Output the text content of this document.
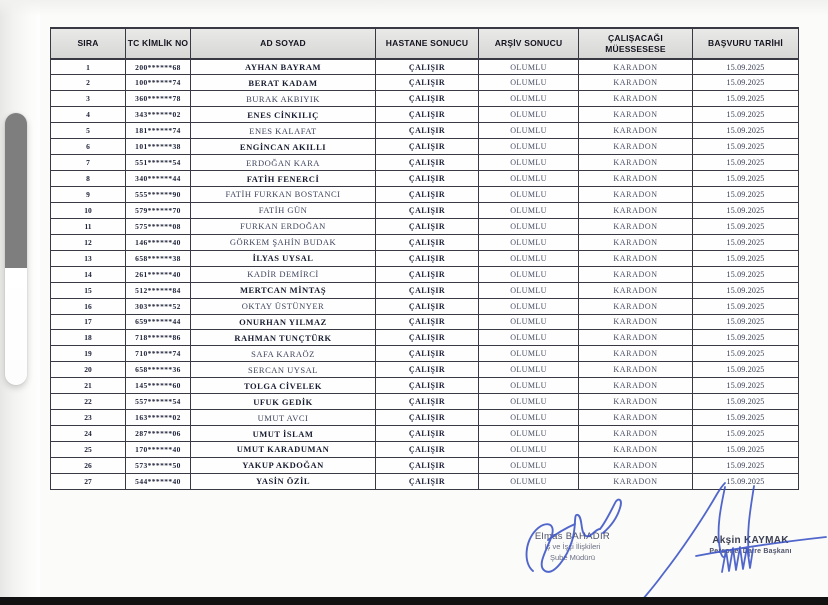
SIRA	TC KİMLİK NO	AD SOYAD	HASTANE SONUCU	ARŞİV SONUCU	ÇALIŞACAĞI MÜESSESESE	BAŞVURU TARİHİ
1	200******68	AYHAN BAYRAM	ÇALIŞIR	OLUMLU	KARADON	15.09.2025
2	100******74	BERAT KADAM	ÇALIŞIR	OLUMLU	KARADON	15.09.2025
3	360******78	BURAK AKBIYIK	ÇALIŞIR	OLUMLU	KARADON	15.09.2025
4	343******02	ENES CİNKILIÇ	ÇALIŞIR	OLUMLU	KARADON	15.09.2025
5	181******74	ENES KALAFAT	ÇALIŞIR	OLUMLU	KARADON	15.09.2025
6	101******38	ENGİNCAN AKILLI	ÇALIŞIR	OLUMLU	KARADON	15.09.2025
7	551******54	ERDOĞAN KARA	ÇALIŞIR	OLUMLU	KARADON	15.09.2025
8	340******44	FATİH FENERCİ	ÇALIŞIR	OLUMLU	KARADON	15.09.2025
9	555******90	FATİH FURKAN BOSTANCI	ÇALIŞIR	OLUMLU	KARADON	15.09.2025
10	579******70	FATİH GÜN	ÇALIŞIR	OLUMLU	KARADON	15.09.2025
11	575******08	FURKAN ERDOĞAN	ÇALIŞIR	OLUMLU	KARADON	15.09.2025
12	146******40	GÖRKEM ŞAHİN BUDAK	ÇALIŞIR	OLUMLU	KARADON	15.09.2025
13	658******38	İLYAS UYSAL	ÇALIŞIR	OLUMLU	KARADON	15.09.2025
14	261******40	KADİR DEMİRCİ	ÇALIŞIR	OLUMLU	KARADON	15.09.2025
15	512******84	MERTCAN MİNTAŞ	ÇALIŞIR	OLUMLU	KARADON	15.09.2025
16	303******52	OKTAY ÜSTÜNYER	ÇALIŞIR	OLUMLU	KARADON	15.09.2025
17	659******44	ONURHAN YILMAZ	ÇALIŞIR	OLUMLU	KARADON	15.09.2025
18	718******86	RAHMAN TUNÇTÜRK	ÇALIŞIR	OLUMLU	KARADON	15.09.2025
19	710******74	SAFA KARAÖZ	ÇALIŞIR	OLUMLU	KARADON	15.09.2025
20	658******36	SERCAN UYSAL	ÇALIŞIR	OLUMLU	KARADON	15.09.2025
21	145******60	TOLGA CİVELEK	ÇALIŞIR	OLUMLU	KARADON	15.09.2025
22	557******54	UFUK GEDİK	ÇALIŞIR	OLUMLU	KARADON	15.09.2025
23	163******02	UMUT AVCI	ÇALIŞIR	OLUMLU	KARADON	15.09.2025
24	287******06	UMUT İSLAM	ÇALIŞIR	OLUMLU	KARADON	15.09.2025
25	170******40	UMUT KARADUMAN	ÇALIŞIR	OLUMLU	KARADON	15.09.2025
26	573******50	YAKUP AKDOĞAN	ÇALIŞIR	OLUMLU	KARADON	15.09.2025
27	544******40	YASİN ÖZİL	ÇALIŞIR	OLUMLU	KARADON	15.09.2025
Elmas BAHADIR
İş ve İşçi İlişkileri
Şube Müdürü
Akşin KAYMAK
Personel Daire Başkanı
